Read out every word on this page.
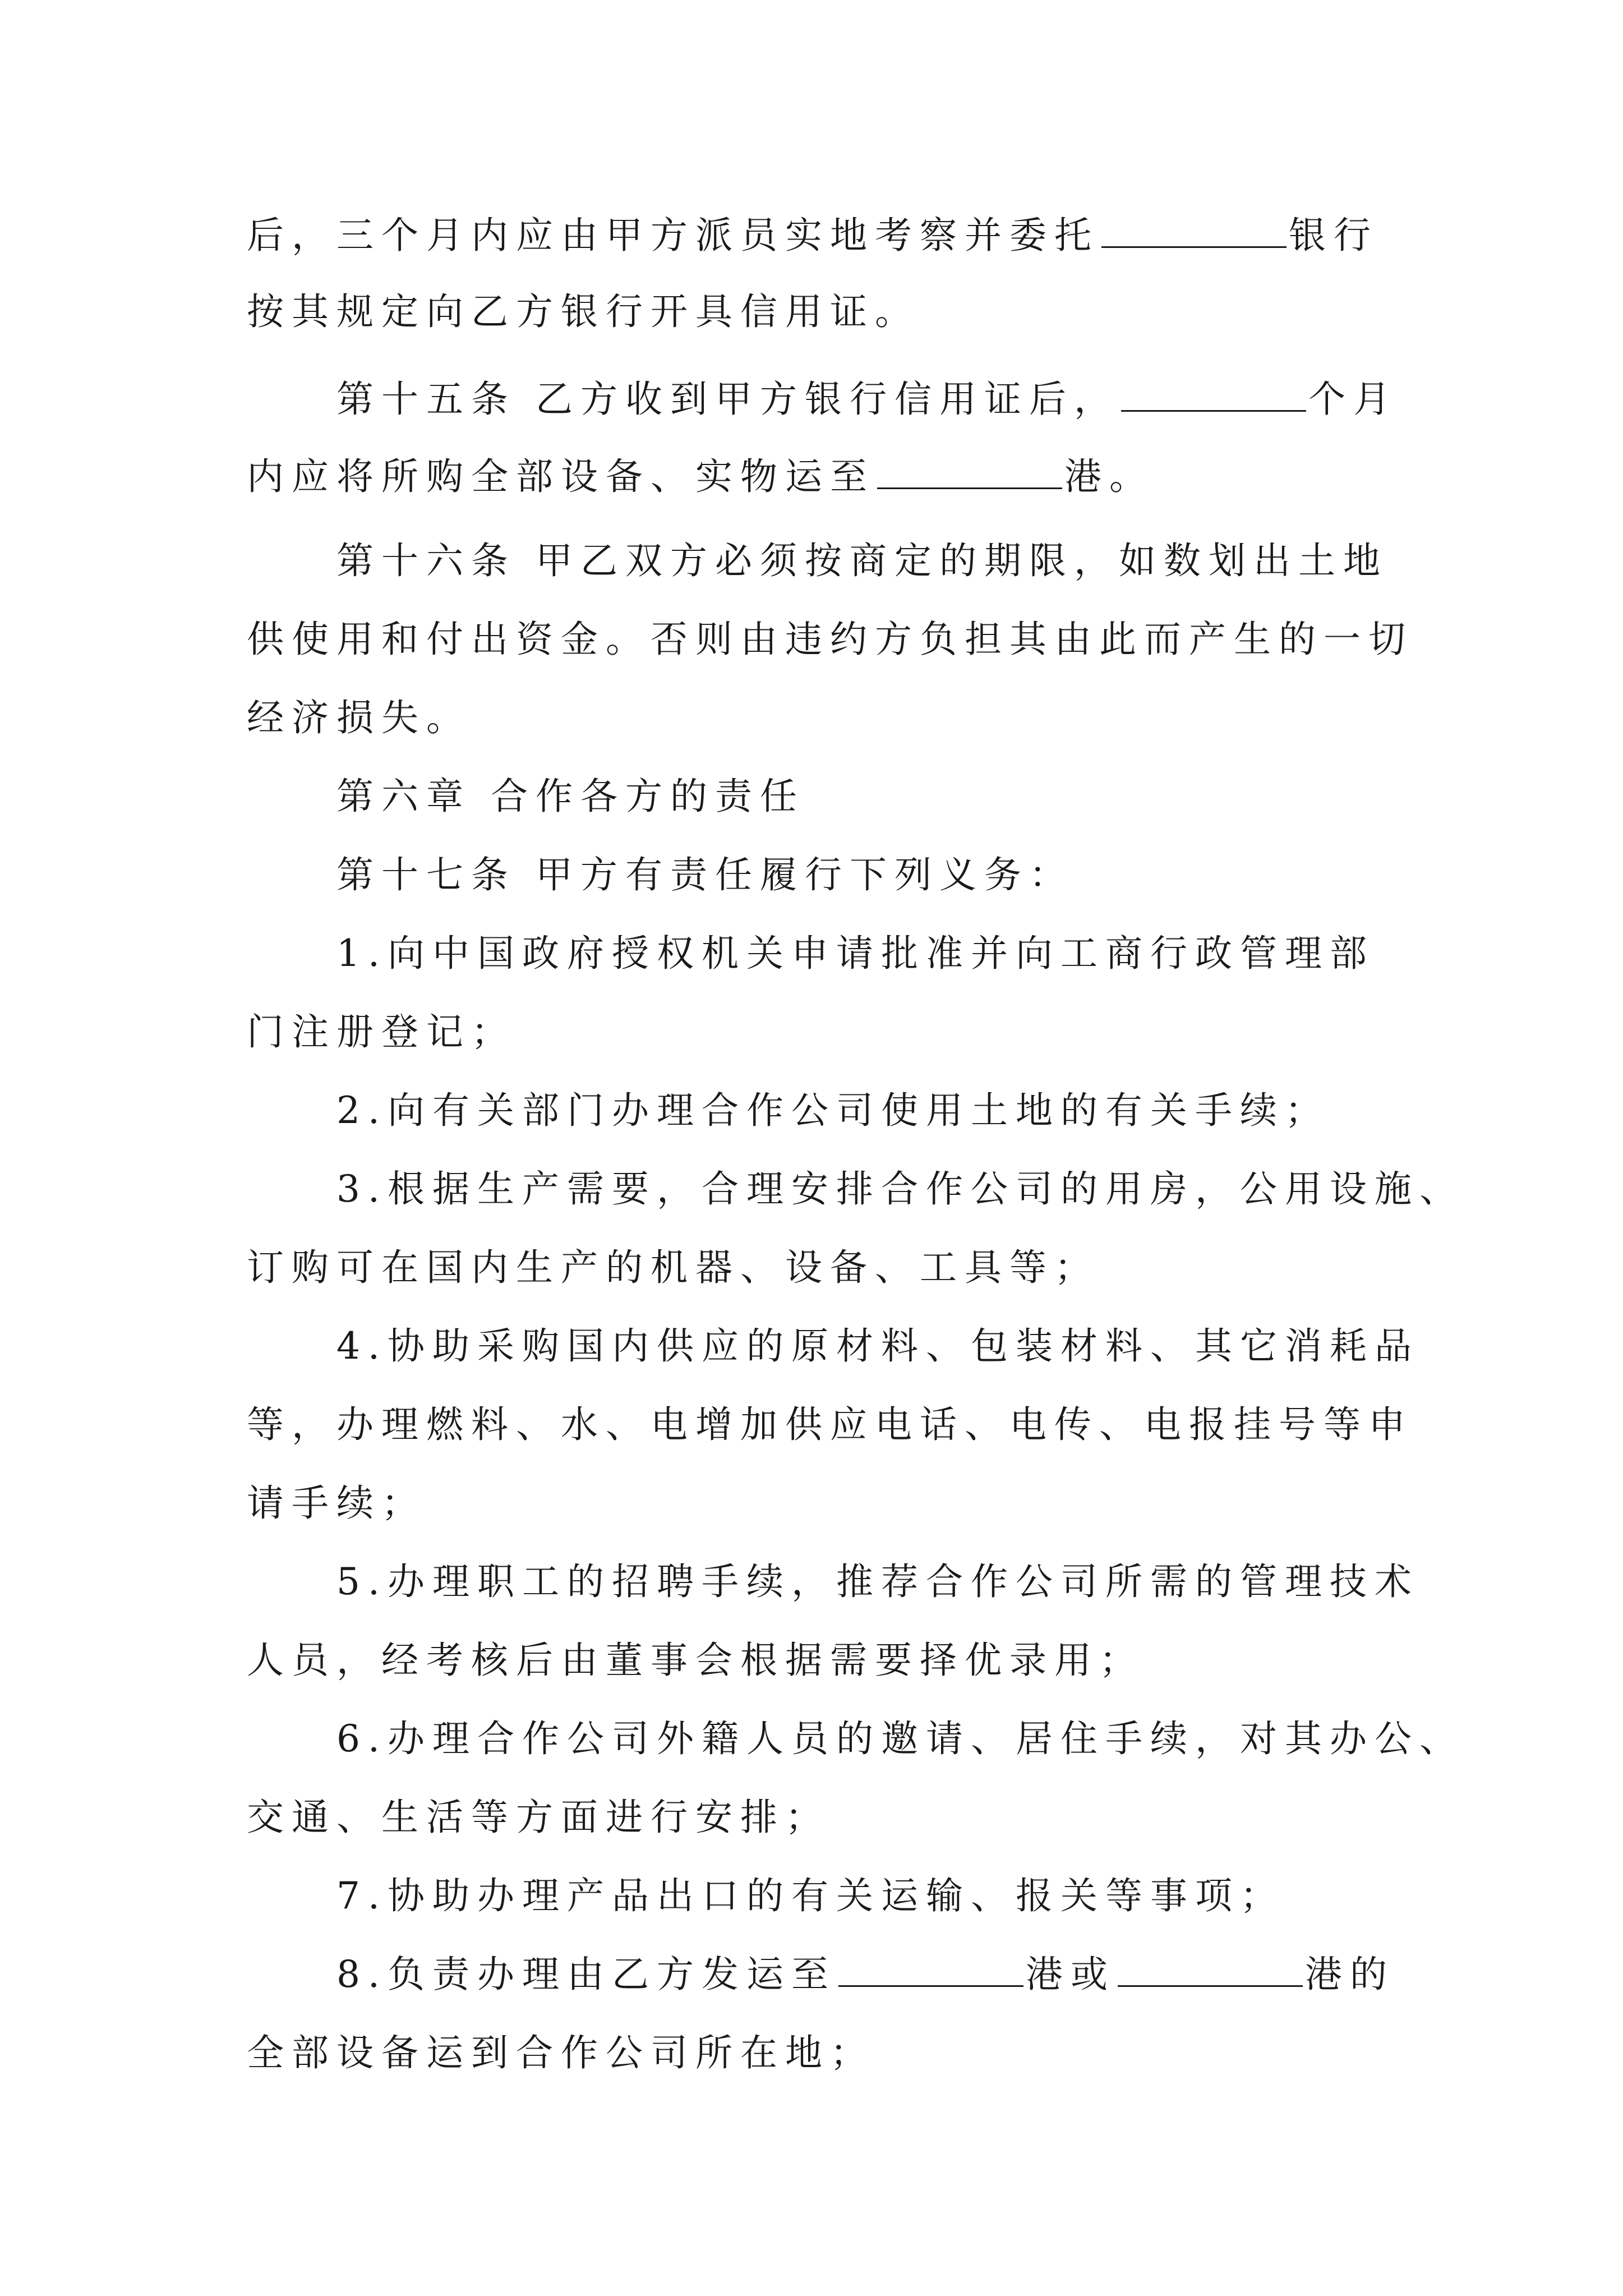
后，三个月内应由甲方派员实地考察并委托	银行
按其规定向乙方银行开具信用证。
第十五条 乙方收到甲方银行信用证后，	个月
内应将所购全部设备、实物运至	港。
第十六条 甲乙双方必须按商定的期限，如数划出土地
供使用和付出资金。否则由违约方负担其由此而产生的一切
经济损失。
第六章 合作各方的责任
第十七条 甲方有责任履行下列义务：
1.向中国政府授权机关申请批准并向工商行政管理部
门注册登记；
2.向有关部门办理合作公司使用土地的有关手续；
3.根据生产需要，合理安排合作公司的用房，公用设施、
订购可在国内生产的机器、设备、工具等；
4.协助采购国内供应的原材料、包装材料、其它消耗品
等，办理燃料、水、电增加供应电话、电传、电报挂号等申
请手续；
5.办理职工的招聘手续，推荐合作公司所需的管理技术
人员，经考核后由董事会根据需要择优录用；
6.办理合作公司外籍人员的邀请、居住手续，对其办公、
交通、生活等方面进行安排；
7.协助办理产品出口的有关运输、报关等事项；
8.负责办理由乙方发运至	港或	港的
全部设备运到合作公司所在地；
